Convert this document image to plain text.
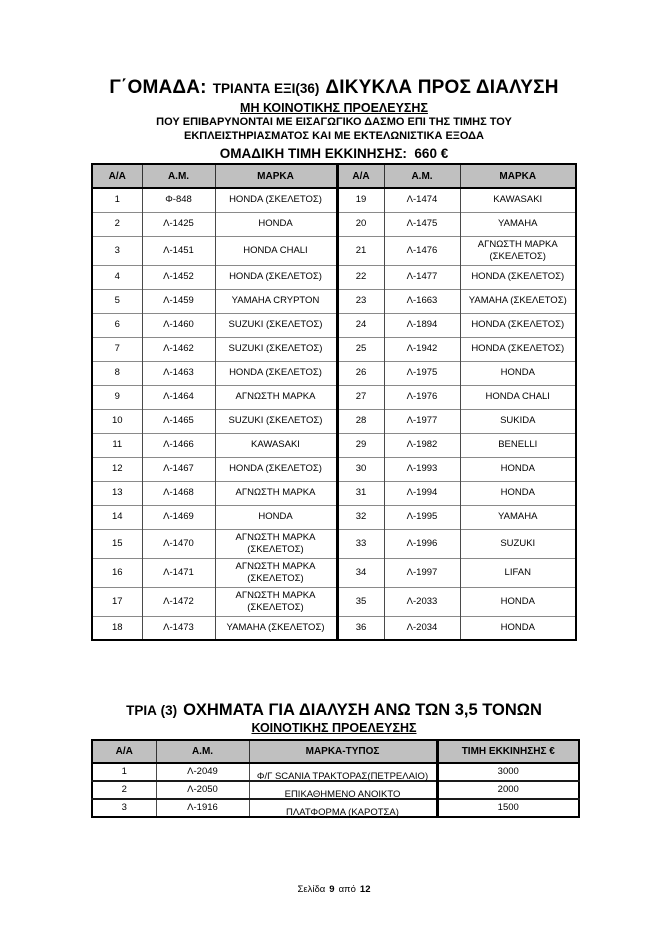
Γ΄ΟΜΑΔΑ: ΤΡΙΑΝΤΑ ΕΞΙ(36) ΔΙΚΥΚΛΑ ΠΡΟΣ ΔΙΑΛΥΣΗ
ΜΗ ΚΟΙΝΟΤΙΚΗΣ ΠΡΟΕΛΕΥΣΗΣ
ΠΟΥ ΕΠΙΒΑΡΥΝΟΝΤΑΙ ΜΕ ΕΙΣΑΓΩΓΙΚΟ ΔΑΣΜΟ ΕΠΙ ΤΗΣ ΤΙΜΗΣ ΤΟΥ
ΕΚΠΛΕΙΣΤΗΡΙΑΣΜΑΤΟΣ ΚΑΙ ΜΕ ΕΚΤΕΛΩΝΙΣΤΙΚΑ ΕΞΟΔΑ
ΟΜΑΔΙΚΗ ΤΙΜΗ ΕΚΚΙΝΗΣΗΣ:  660 €
Α/Α	Α.Μ.	ΜΑΡΚΑ	Α/Α	Α.Μ.	ΜΑΡΚΑ
1	Φ-848	HONDA (ΣΚΕΛΕΤΟΣ)	19	Λ-1474	KAWASAKI
2	Λ-1425	HONDA	20	Λ-1475	YAMAHA
3	Λ-1451	HONDA CHALI	21	Λ-1476	ΑΓΝΩΣΤΗ ΜΑΡΚΑ (ΣΚΕΛΕΤΟΣ)
4	Λ-1452	HONDA (ΣΚΕΛΕΤΟΣ)	22	Λ-1477	HONDA (ΣΚΕΛΕΤΟΣ)
5	Λ-1459	YAMAHA CRYPTON	23	Λ-1663	YAMAHA (ΣΚΕΛΕΤΟΣ)
6	Λ-1460	SUZUKI (ΣΚΕΛΕΤΟΣ)	24	Λ-1894	HONDA (ΣΚΕΛΕΤΟΣ)
7	Λ-1462	SUZUKI (ΣΚΕΛΕΤΟΣ)	25	Λ-1942	HONDA (ΣΚΕΛΕΤΟΣ)
8	Λ-1463	HONDA (ΣΚΕΛΕΤΟΣ)	26	Λ-1975	HONDA
9	Λ-1464	ΑΓΝΩΣΤΗ ΜΑΡΚΑ	27	Λ-1976	HONDA CHALI
10	Λ-1465	SUZUKI (ΣΚΕΛΕΤΟΣ)	28	Λ-1977	SUKIDA
11	Λ-1466	KAWASAKI	29	Λ-1982	BENELLI
12	Λ-1467	HONDA (ΣΚΕΛΕΤΟΣ)	30	Λ-1993	HONDA
13	Λ-1468	ΑΓΝΩΣΤΗ ΜΑΡΚΑ	31	Λ-1994	HONDA
14	Λ-1469	HONDA	32	Λ-1995	YAMAHA
15	Λ-1470	ΑΓΝΩΣΤΗ ΜΑΡΚΑ (ΣΚΕΛΕΤΟΣ)	33	Λ-1996	SUZUKI
16	Λ-1471	ΑΓΝΩΣΤΗ ΜΑΡΚΑ (ΣΚΕΛΕΤΟΣ)	34	Λ-1997	LIFAN
17	Λ-1472	ΑΓΝΩΣΤΗ ΜΑΡΚΑ (ΣΚΕΛΕΤΟΣ)	35	Λ-2033	HONDA
18	Λ-1473	YAMAHA (ΣΚΕΛΕΤΟΣ)	36	Λ-2034	HONDA
ΤΡΙΑ (3) ΟΧΗΜΑΤΑ ΓΙΑ ΔΙΑΛΥΣΗ ΑΝΩ ΤΩΝ 3,5 ΤΟΝΩΝ
ΚΟΙΝΟΤΙΚΗΣ ΠΡΟΕΛΕΥΣΗΣ
Α/Α	Α.Μ.	ΜΑΡΚΑ-ΤΥΠΟΣ	ΤΙΜΗ ΕΚΚΙΝΗΣΗΣ €
1	Λ-2049	Φ/Γ SCANIA ΤΡΑΚΤΟΡΑΣ(ΠΕΤΡΕΛΑΙΟ)	3000
2	Λ-2050	ΕΠΙΚΑΘΗΜΕΝΟ ΑΝΟΙΚΤΟ	2000
3	Λ-1916	ΠΛΑΤΦΟΡΜΑ (ΚΑΡΟΤΣΑ)	1500
Σελίδα 9 από 12
